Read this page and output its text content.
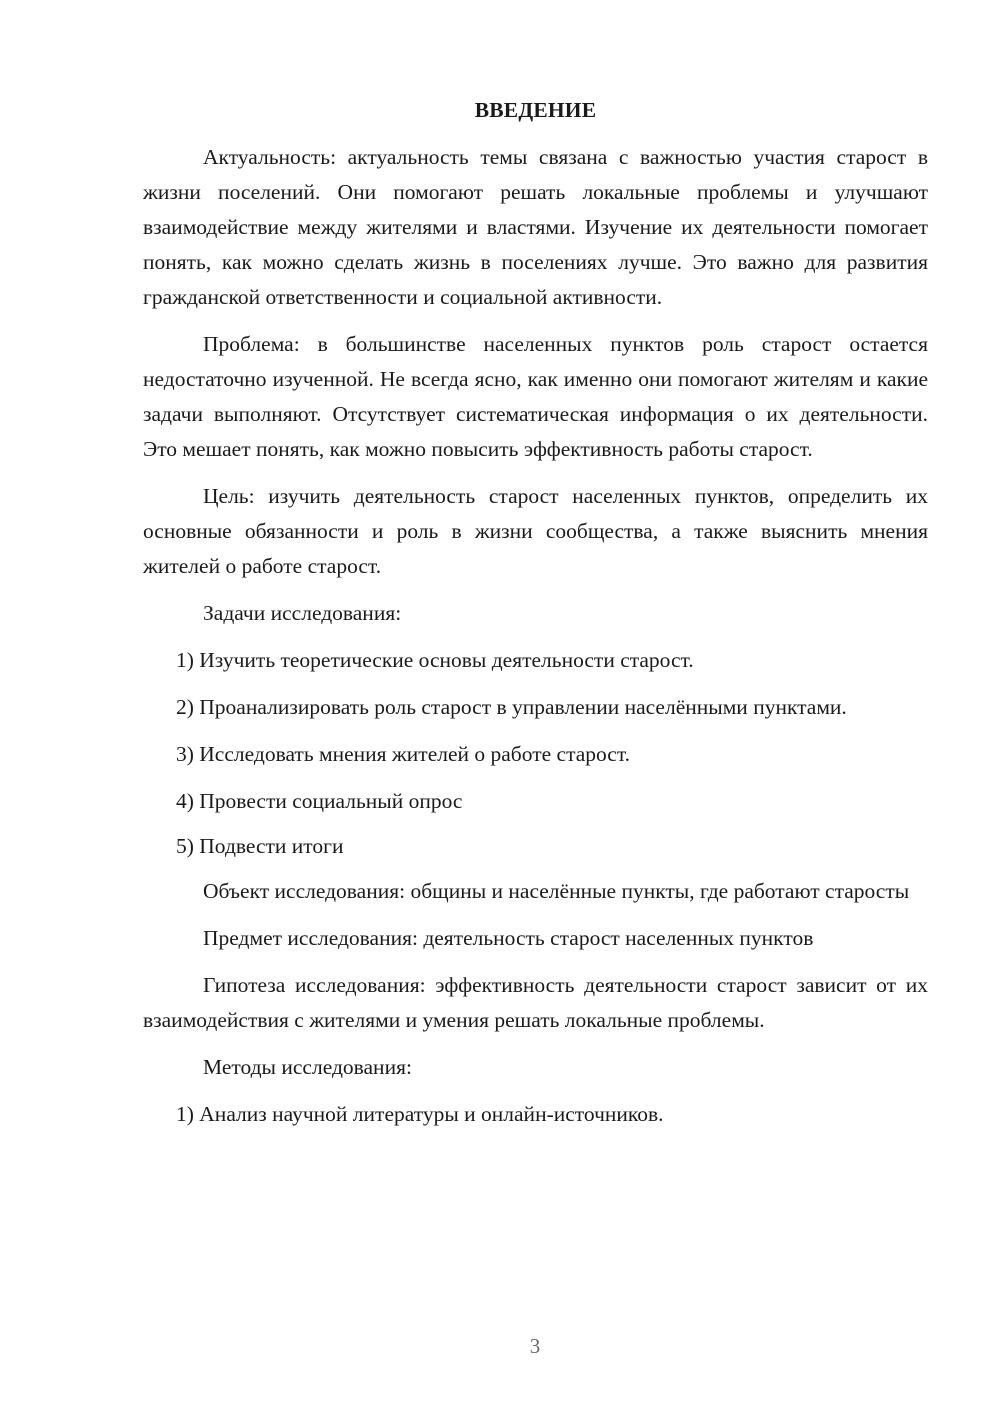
ВВЕДЕНИЕ

Актуальность: актуальность темы связана с важностью участия старост в жизни поселений. Они помогают решать локальные проблемы и улучшают взаимодействие между жителями и властями. Изучение их деятельности помогает понять, как можно сделать жизнь в поселениях лучше. Это важно для развития гражданской ответственности и социальной активности.

Проблема: в большинстве населенных пунктов роль старост остается недостаточно изученной. Не всегда ясно, как именно они помогают жителям и какие задачи выполняют. Отсутствует систематическая информация о их деятельности. Это мешает понять, как можно повысить эффективность работы старост.

Цель: изучить деятельность старост населенных пунктов, определить их основные обязанности и роль в жизни сообщества, а также выяснить мнения жителей о работе старост.

Задачи исследования:

1) Изучить теоретические основы деятельности старост.

2) Проанализировать роль старост в управлении населёнными пунктами.

3) Исследовать мнения жителей о работе старост.

4) Провести социальный опрос

5) Подвести итоги

Объект исследования: общины и населённые пункты, где работают старосты

Предмет исследования: деятельность старост населенных пунктов

Гипотеза исследования: эффективность деятельности старост зависит от их взаимодействия с жителями и умения решать локальные проблемы.

Методы исследования:

1) Анализ научной литературы и онлайн-источников.

3
